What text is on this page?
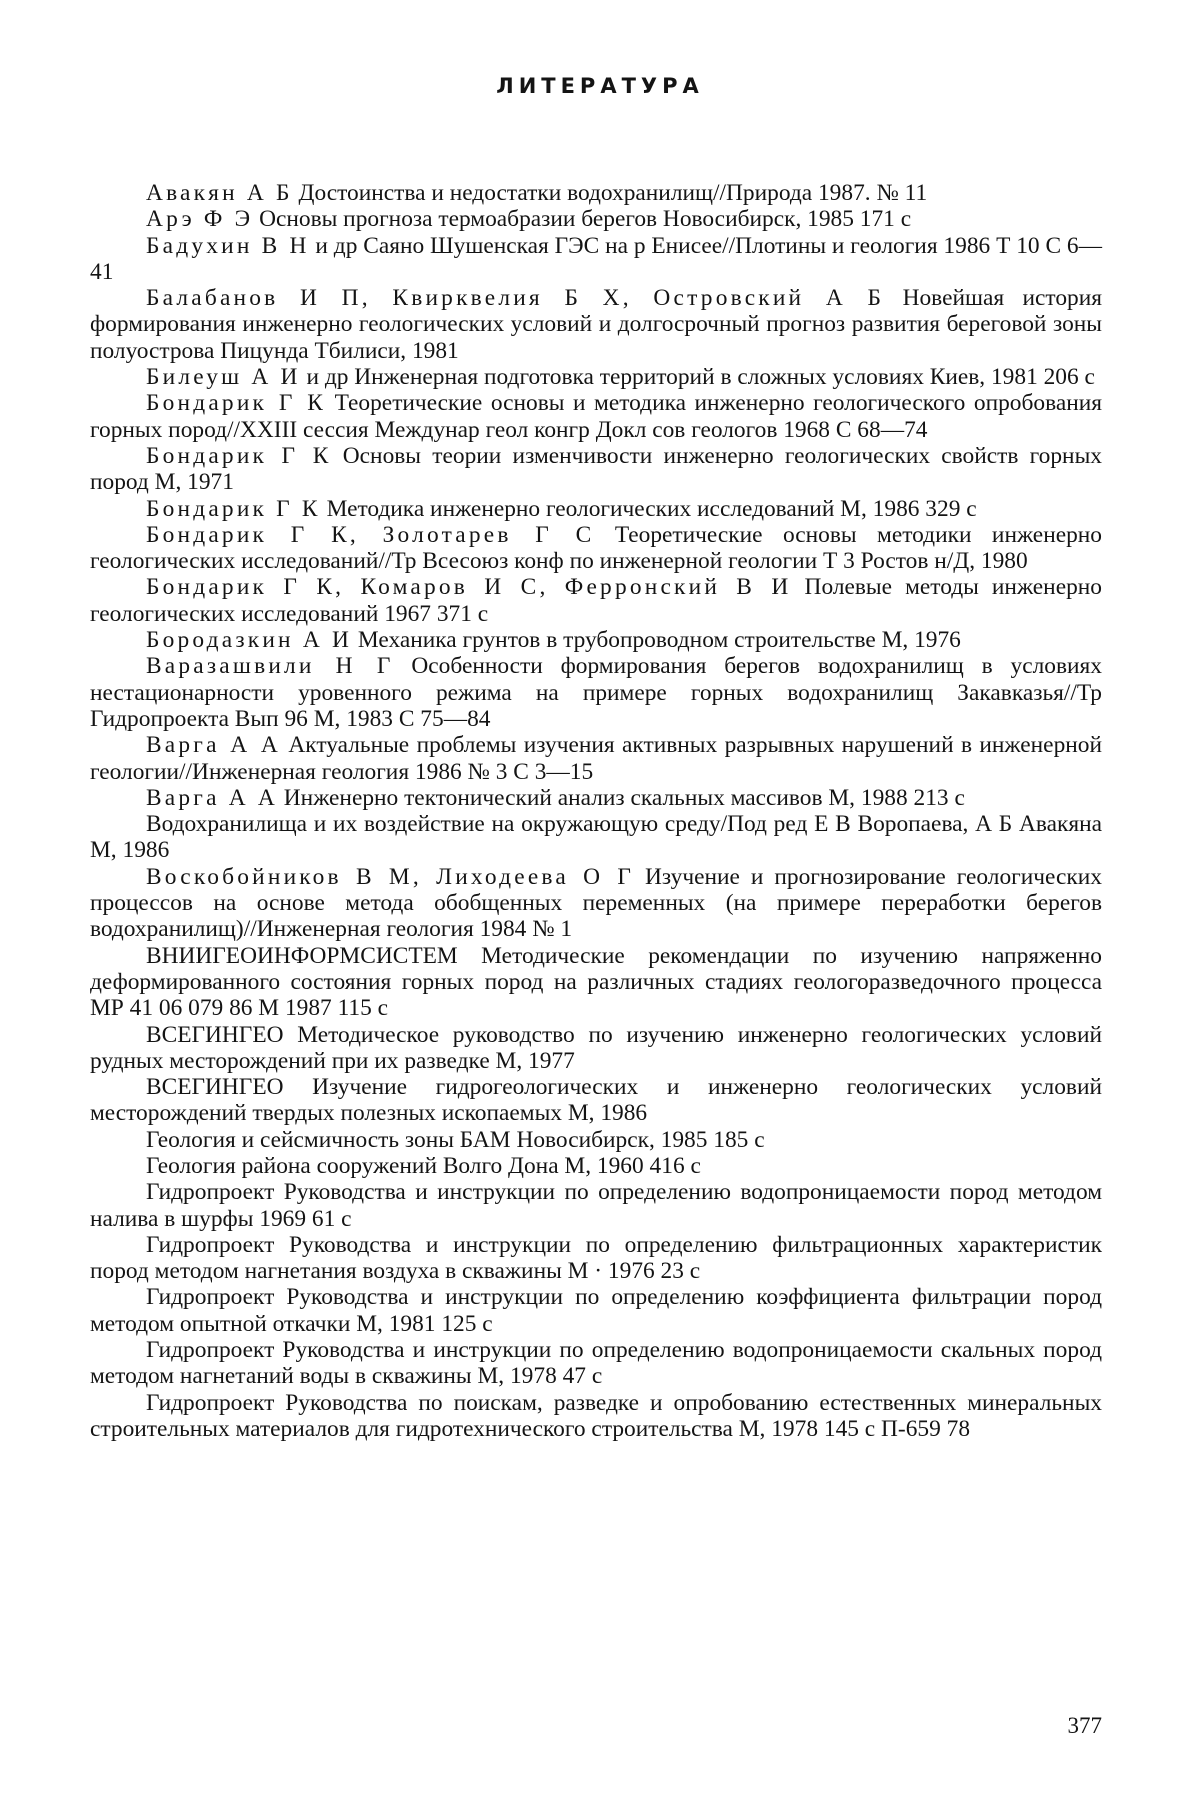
ЛИТЕРАТУРА

Авакян А Б Достоинства и недостатки водохранилищ//Природа 1987. № 11

Арэ Ф Э Основы прогноза термоабразии берегов Новосибирск, 1985 171 с

Бадухин В Н и др Саяно Шушенская ГЭС на р Енисее//Плотины и геология 1986 Т 10 С 6—41

Балабанов И П, Квирквелия Б Х, Островский А Б Новейшая история формирования инженерно геологических условий и долгосрочный прогноз развития береговой зоны полуострова Пицунда Тбилиси, 1981

Билеуш А И и др Инженерная подготовка территорий в сложных условиях Киев, 1981 206 с

Бондарик Г К Теоретические основы и методика инженерно геологического опробования горных пород//XXIII сессия Междунар геол конгр Докл сов геологов 1968 С 68—74

Бондарик Г К Основы теории изменчивости инженерно геологических свойств горных пород М, 1971

Бондарик Г К Методика инженерно геологических исследований М, 1986 329 с

Бондарик Г К, Золотарев Г С Теоретические основы методики инженерно геологических исследований//Тр Всесоюз конф по инженерной геологии Т 3 Ростов н/Д, 1980

Бондарик Г К, Комаров И С, Ферронский В И Полевые методы инженерно геологических исследований 1967 371 с

Бородазкин А И Механика грунтов в трубопроводном строительстве М, 1976

Варазашвили Н Г Особенности формирования берегов водохранилищ в условиях нестационарности уровенного режима на примере горных водохранилищ Закавказья//Тр Гидропроекта Вып 96 М, 1983 С 75—84

Варга А А Актуальные проблемы изучения активных разрывных нарушений в инженерной геологии//Инженерная геология 1986 № 3 С 3—15

Варга А А Инженерно тектонический анализ скальных массивов М, 1988 213 с

Водохранилища и их воздействие на окружающую среду/Под ред Е В Воропаева, А Б Авакяна М, 1986

Воскобойников В М, Лиходеева О Г Изучение и прогнозирование геологических процессов на основе метода обобщенных переменных (на примере переработки берегов водохранилищ)//Инженерная геология 1984 № 1

ВНИИГЕОИНФОРМСИСТЕМ Методические рекомендации по изучению напряженно деформированного состояния горных пород на различных стадиях геологоразведочного процесса МР 41 06 079 86 М 1987 115 с

ВСЕГИНГЕО Методическое руководство по изучению инженерно геологических условий рудных месторождений при их разведке М, 1977

ВСЕГИНГЕО Изучение гидрогеологических и инженерно геологических условий месторождений твердых полезных ископаемых М, 1986

Геология и сейсмичность зоны БАМ Новосибирск, 1985 185 с

Геология района сооружений Волго Дона М, 1960 416 с

Гидропроект Руководства и инструкции по определению водопроницаемости пород методом налива в шурфы 1969 61 с

Гидропроект Руководства и инструкции по определению фильтрационных характеристик пород методом нагнетания воздуха в скважины М · 1976 23 с

Гидропроект Руководства и инструкции по определению коэффициента фильтрации пород методом опытной откачки М, 1981 125 с

Гидропроект Руководства и инструкции по определению водопроницаемости скальных пород методом нагнетаний воды в скважины М, 1978 47 с

Гидропроект Руководства по поискам, разведке и опробованию естественных минеральных строительных материалов для гидротехнического строительства М, 1978 145 с П-659 78

377
